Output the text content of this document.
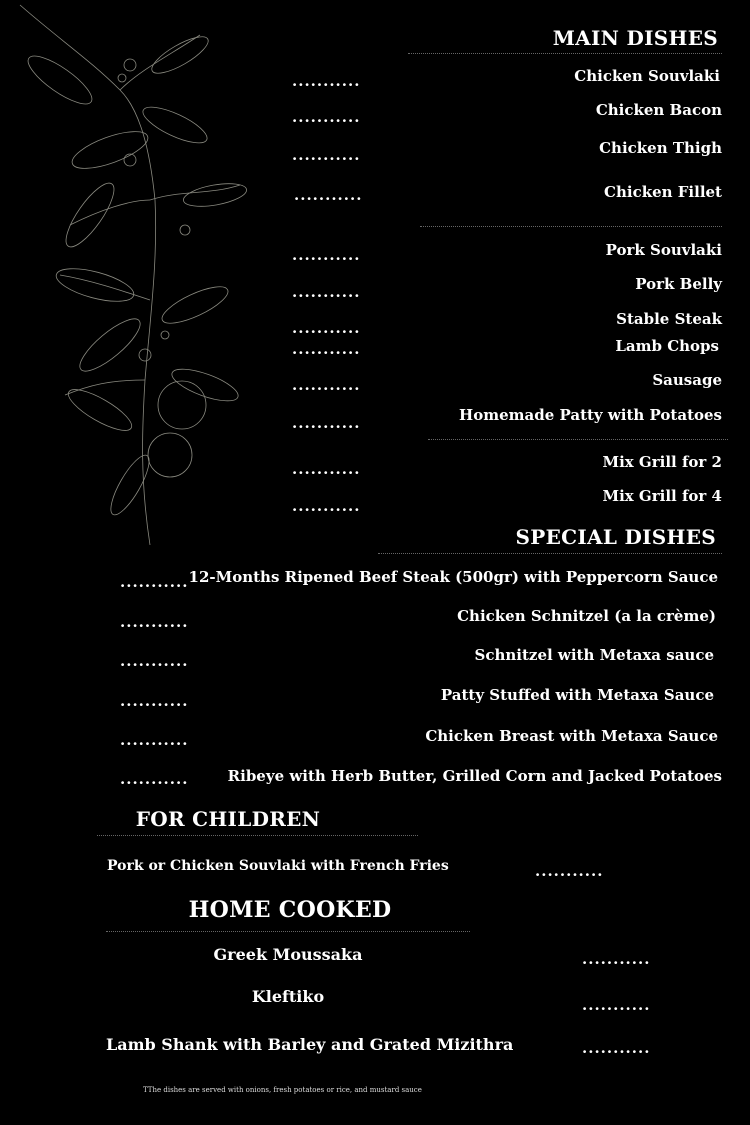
MAIN DISHES
Chicken Souvlaki
...........
Chicken Bacon
...........
Chicken Thigh
...........
Chicken Fillet
...........
Pork Souvlaki
...........
Pork Belly
...........
Stable Steak
...........
Lamb Chops
...........
Sausage
...........
Homemade Patty with Potatoes
...........
Mix Grill for 2
...........
Mix Grill for 4
...........
SPECIAL DISHES
12-Months Ripened Beef Steak (500gr) with Peppercorn Sauce
...........
Chicken Schnitzel (a la crème)
...........
Schnitzel with Metaxa sauce
...........
Patty Stuffed with Metaxa Sauce
...........
Chicken Breast with Metaxa Sauce
...........
Ribeye with Herb Butter, Grilled Corn and Jacked Potatoes
...........
FOR CHILDREN
Pork or Chicken Souvlaki with French Fries	...........
HOME COOKED
Greek Moussaka	...........
Kleftiko	...........
Lamb Shank with Barley and Grated Mizithra	...........
TThe dishes are served with onions, fresh potatoes or rice, and mustard sauce
